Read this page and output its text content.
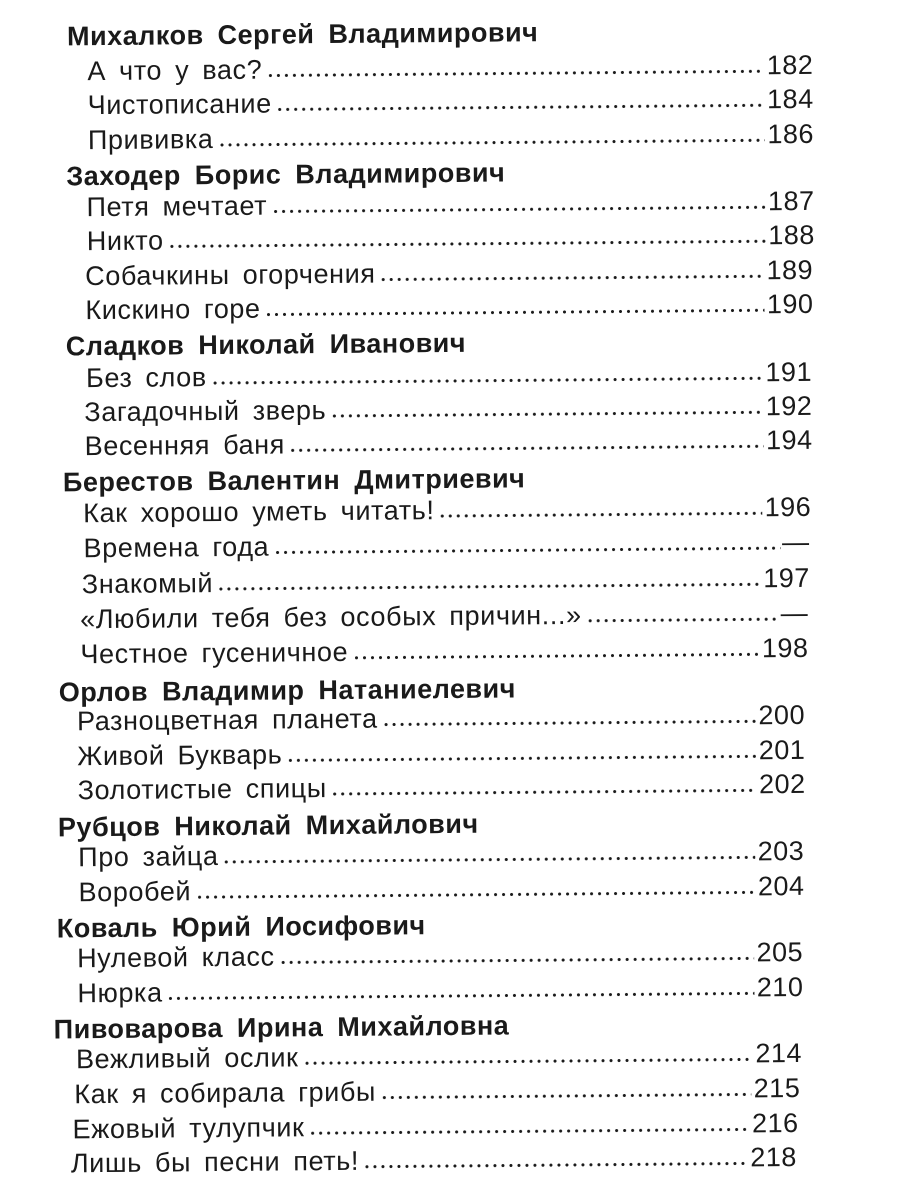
Михалков Сергей Владимирович
А что у вас?	182
Чистописание	184
Прививка	186
Заходер Борис Владимирович
Петя мечтает	187
Никто	188
Собачкины огорчения	189
Кискино горе	190
Сладков Николай Иванович
Без слов	191
Загадочный зверь	192
Весенняя баня	194
Берестов Валентин Дмитриевич
Как хорошо уметь читать!	196
Времена года	—
Знакомый	197
«Любили тебя без особых причин...»	—
Честное гусеничное	198
Орлов Владимир Натаниелевич
Разноцветная планета	200
Живой Букварь	201
Золотистые спицы	202
Рубцов Николай Михайлович
Про зайца	203
Воробей	204
Коваль Юрий Иосифович
Нулевой класс	205
Нюрка	210
Пивоварова Ирина Михайловна
Вежливый ослик	214
Как я собирала грибы	215
Ежовый тулупчик	216
Лишь бы песни петь!	218
